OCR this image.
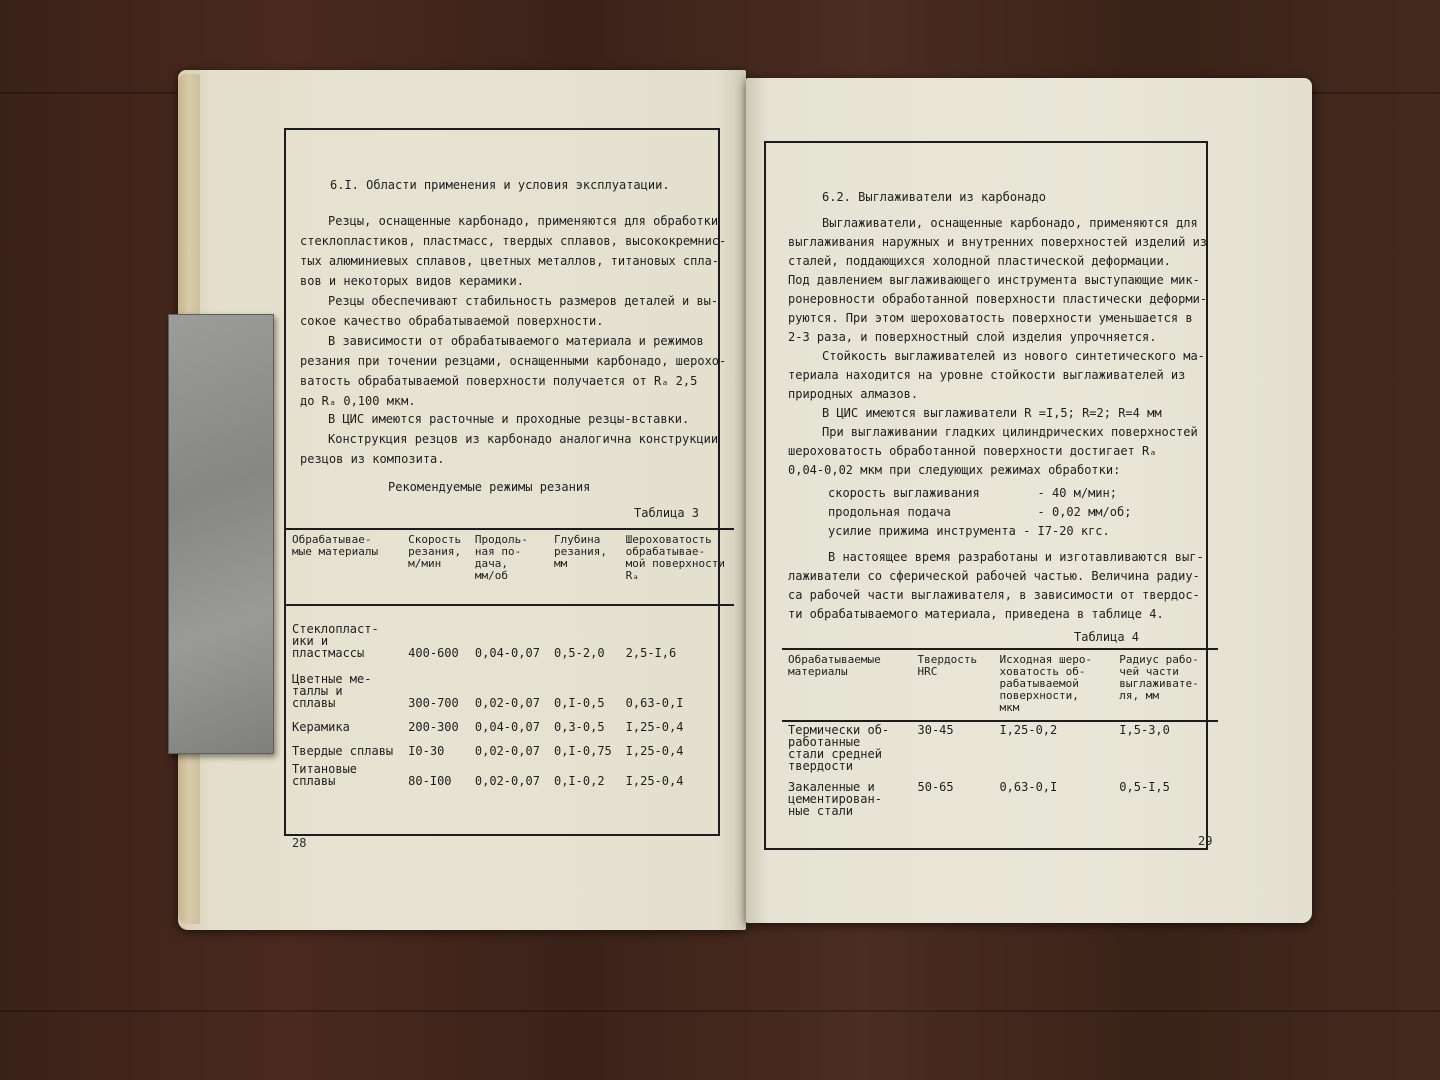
6.I. Области применения и условия эксплуатации.
Резцы, оснащенные карбонадо, применяются для обработки
стеклопластиков, пластмасс, твердых сплавов, высококремнис-
тых алюминиевых сплавов, цветных металлов, титановых спла-
вов и некоторых видов керамики.
Резцы обеспечивают стабильность размеров деталей и вы-
сокое качество обрабатываемой поверхности.
В зависимости от обрабатываемого материала и режимов
резания при точении резцами, оснащенными карбонадо, шерохо-
ватость обрабатываемой поверхности получается от Rₐ 2,5
до Rₐ 0,100 мкм.
В ЦИС имеются расточные и проходные резцы-вставки.
Конструкция резцов из карбонадо аналогична конструкции
резцов из композита.
Рекомендуемые режимы резания
Таблица 3
Обрабатывае-
мые материалы	Скорость
резания,
м/мин	Продоль-
ная по-
дача,
мм/об	Глубина
резания,
мм	Шероховатость
обрабатывае-
мой поверхности
Rₐ
Стеклопласт-
ики и
пластмассы	400-600	0,04-0,07	0,5-2,0	2,5-I,6
Цветные ме-
таллы и
сплавы	300-700	0,02-0,07	0,I-0,5	0,63-0,I
Керамика	200-300	0,04-0,07	0,3-0,5	I,25-0,4
Твердые сплавы	I0-30	0,02-0,07	0,I-0,75	I,25-0,4
Титановые
сплавы	80-I00	0,02-0,07	0,I-0,2	I,25-0,4
28
6.2. Выглаживатели из карбонадо
Выглаживатели, оснащенные карбонадо, применяются для
выглаживания наружных и внутренних поверхностей изделий из
сталей, поддающихся холодной пластической деформации.
Под давлением выглаживающего инструмента выступающие мик-
ронеровности обработанной поверхности пластически деформи-
руются. При этом шероховатость поверхности уменьшается в
2-3 раза, и поверхностный слой изделия упрочняется.
Стойкость выглаживателей из нового синтетического ма-
териала находится на уровне стойкости выглаживателей из
природных алмазов.
В ЦИС имеются выглаживатели R =I,5; R=2; R=4 мм
При выглаживании гладких цилиндрических поверхностей
шероховатость обработанной поверхности достигает Rₐ
0,04-0,02 мкм при следующих режимах обработки:
скорость выглаживания        - 40 м/мин;
продольная подача            - 0,02 мм/об;
усилие прижима инструмента - I7-20 кгс.
В настоящее время разработаны и изготавливаются выг-
лаживатели со сферической рабочей частью. Величина радиу-
са рабочей части выглаживателя, в зависимости от твердос-
ти обрабатываемого материала, приведена в таблице 4.
Таблица 4
Обрабатываемые
материалы	Твердость
HRC	Исходная шеро-
ховатость об-
рабатываемой
поверхности,
мкм	Радиус рабо-
чей части
выглаживате-
ля, мм
Термически об-
работанные
стали средней
твердости	30-45	I,25-0,2	I,5-3,0
Закаленные и
цементирован-
ные стали	50-65	0,63-0,I	0,5-I,5
29
